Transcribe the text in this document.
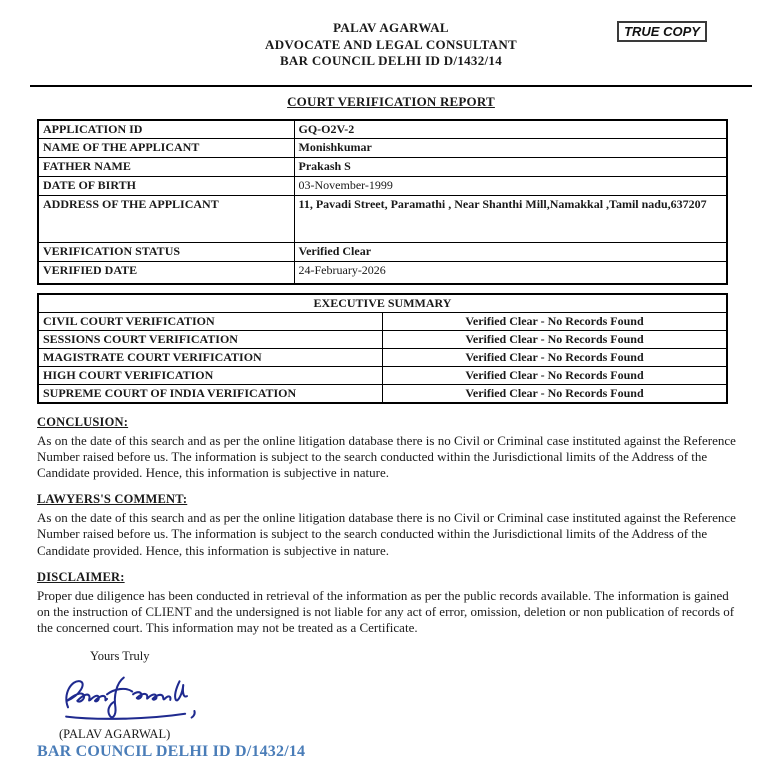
PALAV AGARWAL
ADVOCATE AND LEGAL CONSULTANT
BAR COUNCIL DELHI ID D/1432/14
TRUE COPY
COURT VERIFICATION REPORT
APPLICATION ID	GQ-O2V-2
NAME OF THE APPLICANT	Monishkumar
FATHER NAME	Prakash S
DATE OF BIRTH	03-November-1999
ADDRESS OF THE APPLICANT	11, Pavadi Street, Paramathi , Near Shanthi Mill,Namakkal ,Tamil nadu,637207
VERIFICATION STATUS	Verified Clear
VERIFIED DATE	24-February-2026
EXECUTIVE SUMMARY	
CIVIL COURT VERIFICATION	Verified Clear - No Records Found
SESSIONS COURT VERIFICATION	Verified Clear - No Records Found
MAGISTRATE COURT VERIFICATION	Verified Clear - No Records Found
HIGH COURT VERIFICATION	Verified Clear - No Records Found
SUPREME COURT OF INDIA VERIFICATION	Verified Clear - No Records Found
CONCLUSION:

As on the date of this search and as per the online litigation database there is no Civil or Criminal case instituted against the Reference Number raised before us. The information is subject to the search conducted within the Jurisdictional limits of the Address of the Candidate provided. Hence, this information is subjective in nature.

LAWYERS'S COMMENT:

As on the date of this search and as per the online litigation database there is no Civil or Criminal case instituted against the Reference Number raised before us. The information is subject to the search conducted within the Jurisdictional limits of the Address of the Candidate provided. Hence, this information is subjective in nature.

DISCLAIMER:

Proper due diligence has been conducted in retrieval of the information as per the public records available. The information is gained on the instruction of CLIENT and the undersigned is not liable for any act of error, omission, deletion or non publication of records of the concerned court. This information may not be treated as a Certificate.

Yours Truly
(PALAV AGARWAL)
BAR COUNCIL DELHI ID D/1432/14
